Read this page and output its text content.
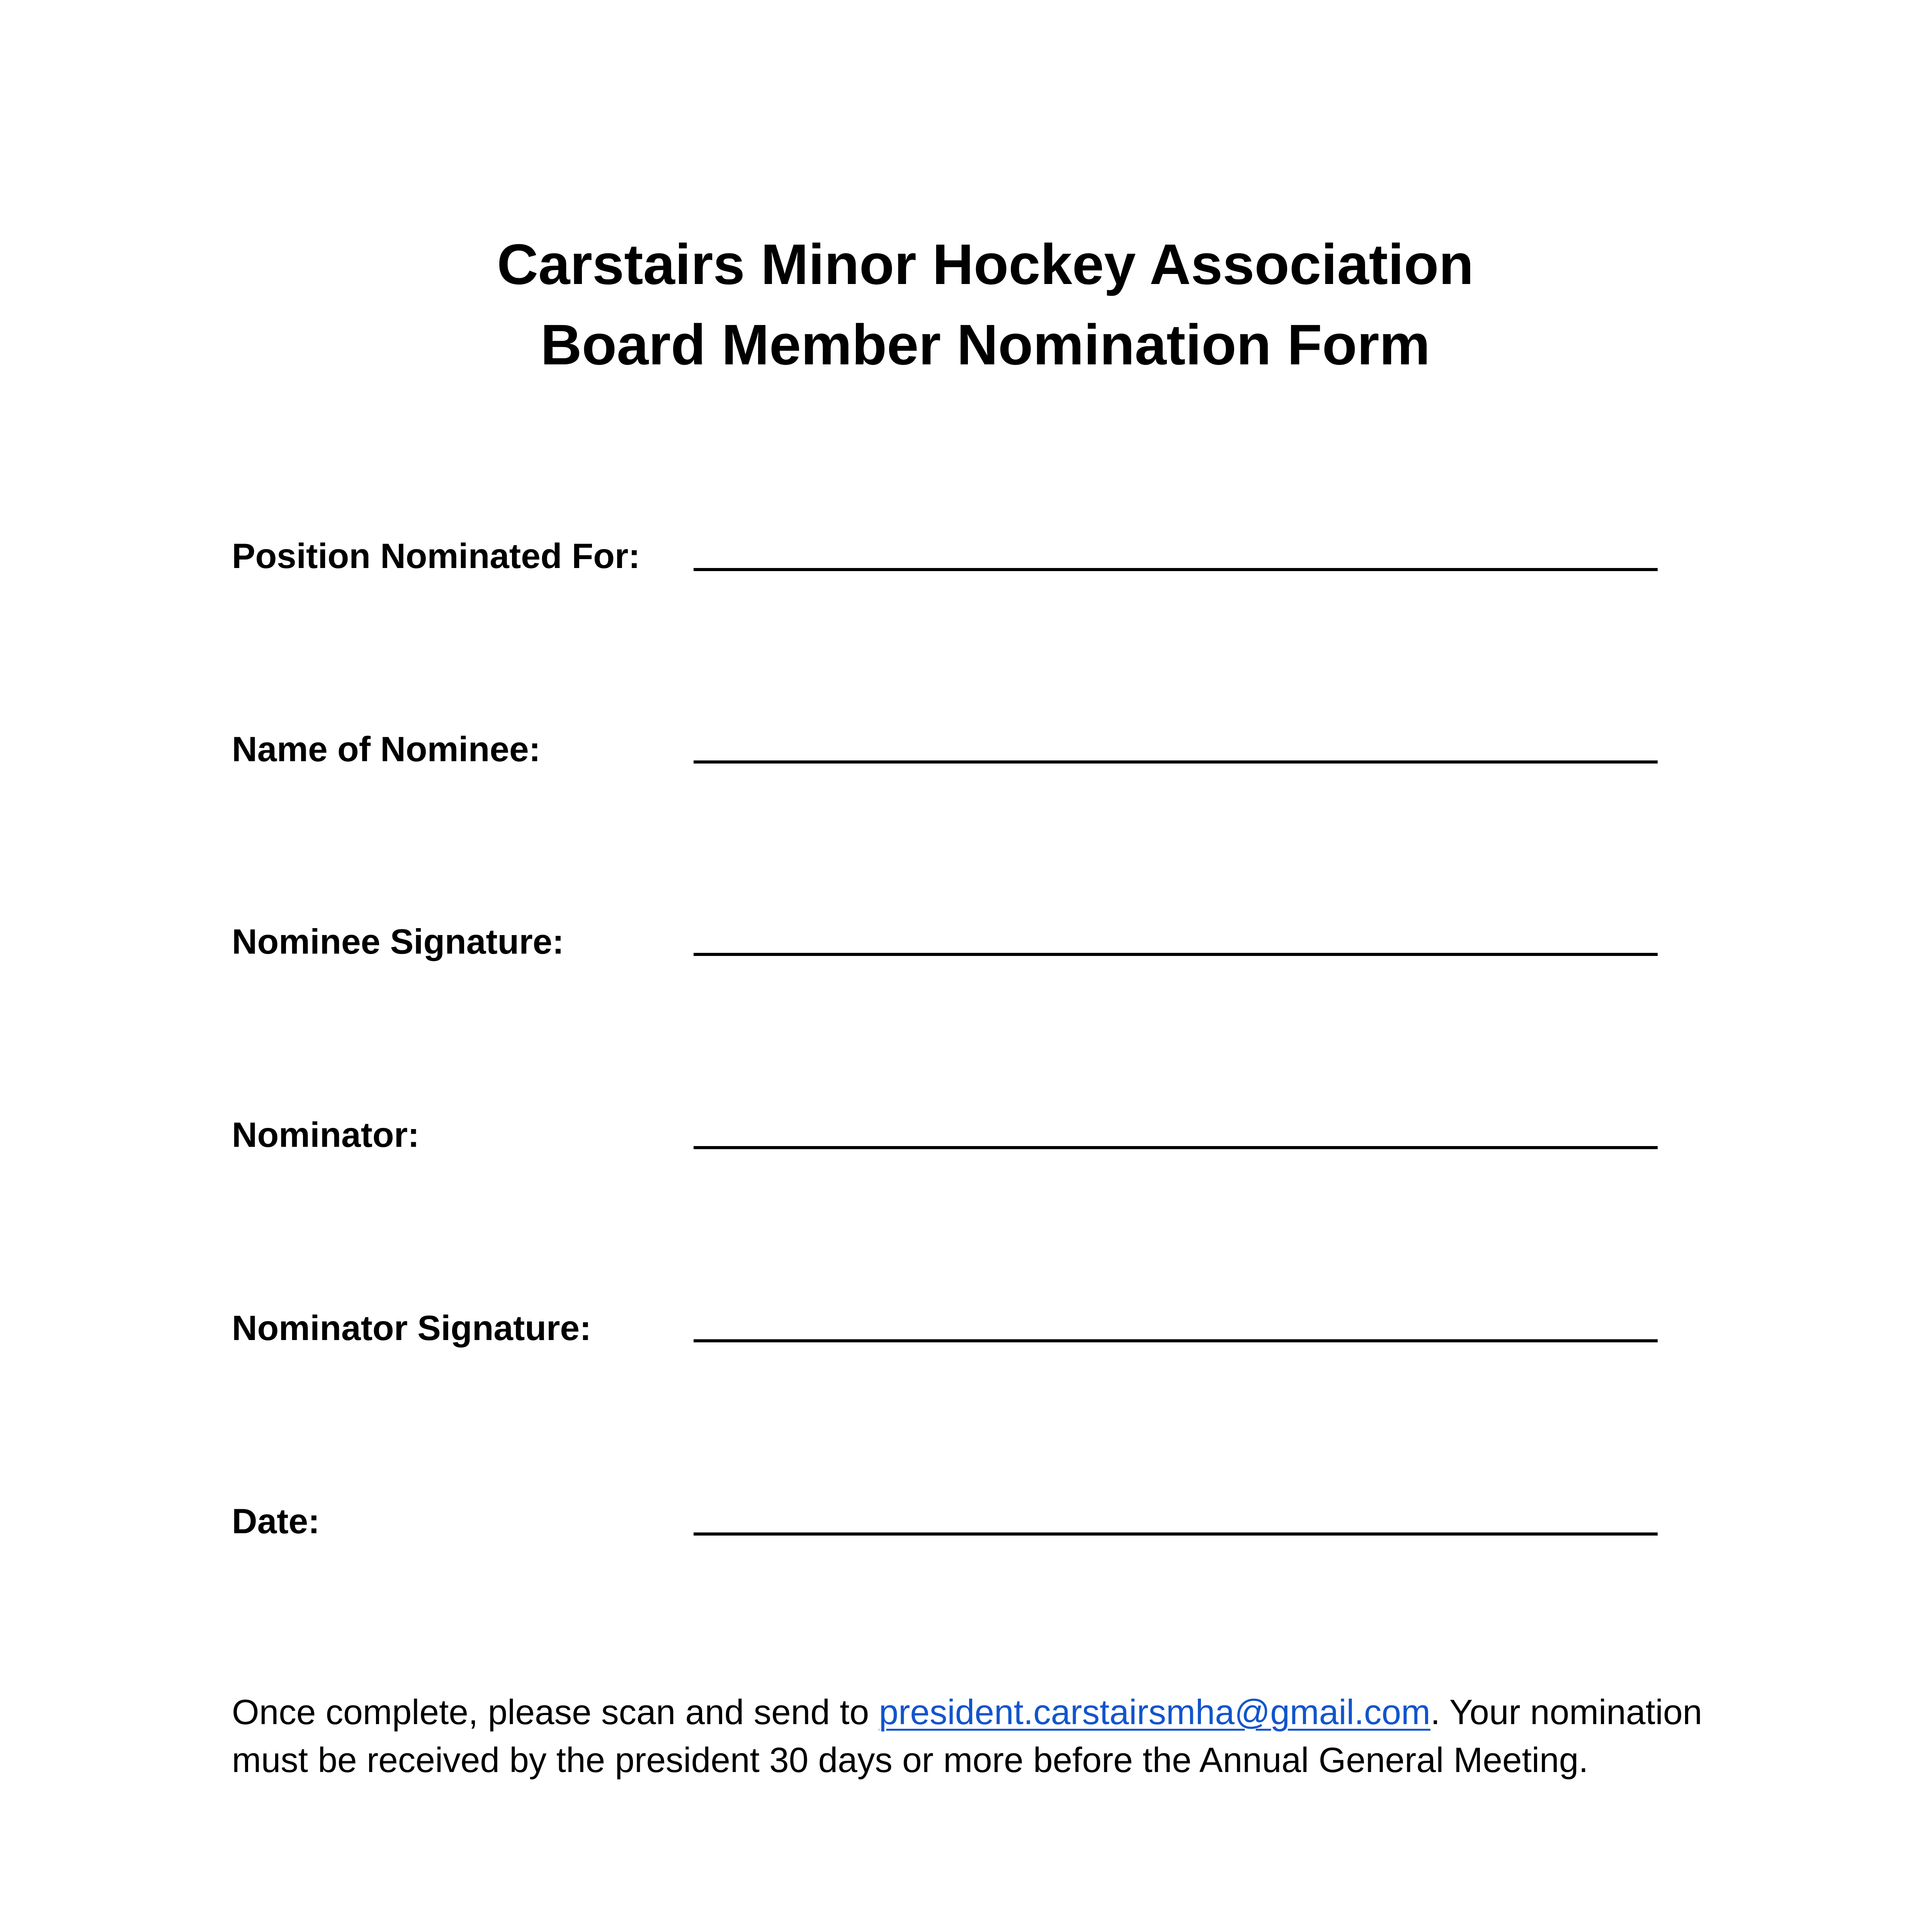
Carstairs Minor Hockey Association
Board Member Nomination Form
Position Nominated For:
Name of Nominee:
Nominee Signature:
Nominator:
Nominator Signature:
Date:
Once complete, please scan and send to president.carstairsmha@gmail.com. Your nomination
must be received by the president 30 days or more before the Annual General Meeting.
